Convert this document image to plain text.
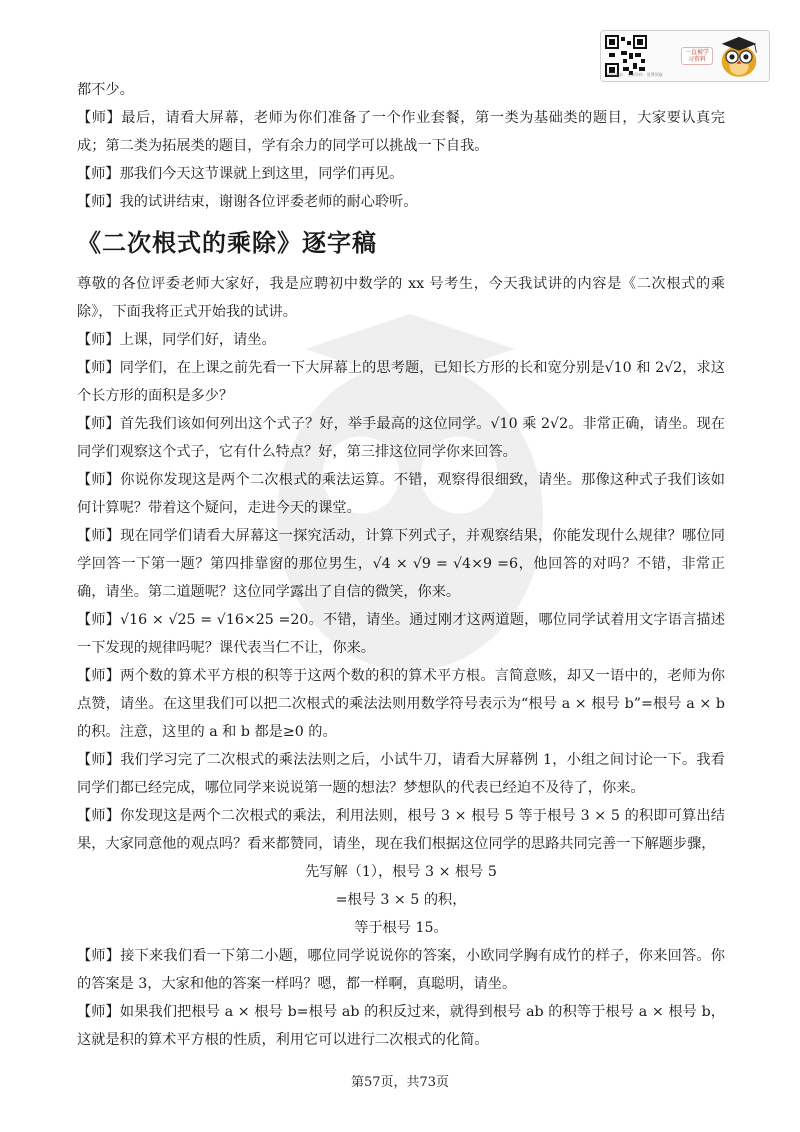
一直被学习资料
扫码获取 · 全套资料 · 免费领取

都不少。

【师】最后，请看大屏幕，老师为你们准备了一个作业套餐，第一类为基础类的题目，大家要认真完成；第二类为拓展类的题目，学有余力的同学可以挑战一下自我。

【师】那我们今天这节课就上到这里，同学们再见。

【师】我的试讲结束，谢谢各位评委老师的耐心聆听。

《二次根式的乘除》逐字稿

尊敬的各位评委老师大家好，我是应聘初中数学的 xx 号考生，今天我试讲的内容是《二次根式的乘除》，下面我将正式开始我的试讲。

【师】上课，同学们好，请坐。

【师】同学们，在上课之前先看一下大屏幕上的思考题，已知长方形的长和宽分别是√10 和 2√2，求这个长方形的面积是多少？

【师】首先我们该如何列出这个式子？好，举手最高的这位同学。√10 乘 2√2。非常正确，请坐。现在同学们观察这个式子，它有什么特点？好，第三排这位同学你来回答。

【师】你说你发现这是两个二次根式的乘法运算。不错，观察得很细致，请坐。那像这种式子我们该如何计算呢？带着这个疑问，走进今天的课堂。

【师】现在同学们请看大屏幕这一探究活动，计算下列式子，并观察结果，你能发现什么规律？哪位同学回答一下第一题？第四排靠窗的那位男生，√4 × √9 = √4×9 =6，他回答的对吗？不错，非常正确，请坐。第二道题呢？这位同学露出了自信的微笑，你来。

【师】√16 × √25 = √16×25 =20。不错，请坐。通过刚才这两道题，哪位同学试着用文字语言描述一下发现的规律吗呢？课代表当仁不让，你来。

【师】两个数的算术平方根的积等于这两个数的积的算术平方根。言简意赅，却又一语中的，老师为你点赞，请坐。在这里我们可以把二次根式的乘法法则用数学符号表示为“根号 a × 根号 b”=根号 a × b 的积。注意，这里的 a 和 b 都是≥0 的。

【师】我们学习完了二次根式的乘法法则之后，小试牛刀，请看大屏幕例 1，小组之间讨论一下。我看同学们都已经完成，哪位同学来说说第一题的想法？梦想队的代表已经迫不及待了，你来。

【师】你发现这是两个二次根式的乘法，利用法则，根号 3 × 根号 5 等于根号 3 × 5 的积即可算出结果，大家同意他的观点吗？看来都赞同，请坐，现在我们根据这位同学的思路共同完善一下解题步骤，

先写解（1），根号 3 × 根号 5

=根号 3 × 5 的积，

等于根号 15。

【师】接下来我们看一下第二小题，哪位同学说说你的答案，小欧同学胸有成竹的样子，你来回答。你的答案是 3，大家和他的答案一样吗？嗯，都一样啊，真聪明，请坐。

【师】如果我们把根号 a × 根号 b=根号 ab 的积反过来，就得到根号 ab 的积等于根号 a × 根号 b，这就是积的算术平方根的性质，利用它可以进行二次根式的化简。

第57页，共73页
